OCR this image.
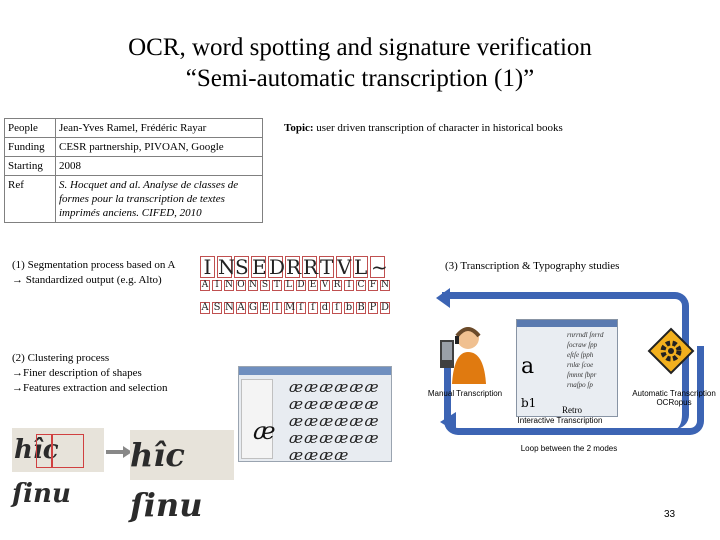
OCR, word spotting and signature verification
“Semi-automatic transcription (1)”
People	Jean-Yves Ramel, Frédéric Rayar
Funding	CESR partnership, PIVOAN, Google
Starting	2008
Ref	S. Hocquet and al. Analyse de classes de formes pour la transcription de textes imprimés anciens. CIFED, 2010
Topic: user driven transcription of character in historical books
(1) Segmentation process based on A
→ Standardized output (e.g. Alto)
I N S E D R R T V L ~
A I N O N S T L D E V R I C F N
A S N A G E I M ſ ſ d ſ b B P D
(2) Clustering process
→Finer description of shapes
→Features extraction and selection
æ
ææææææ
ææææææ
ææææææ
ææææææ
ææææ
hîc ſinu
hîc ſinu
(3) Transcription & Typography studies
a
b1
rnrrndl ſnrrd
ſocraw ſpp
eſtſe ſpph
rnlæ ſcoe
ſmnnt ſbpr
rnaſpo ſp
Retro
Manual Transcription	Automatic Transcription
OCRopus
Interactive Transcription
Loop between the 2 modes
33
